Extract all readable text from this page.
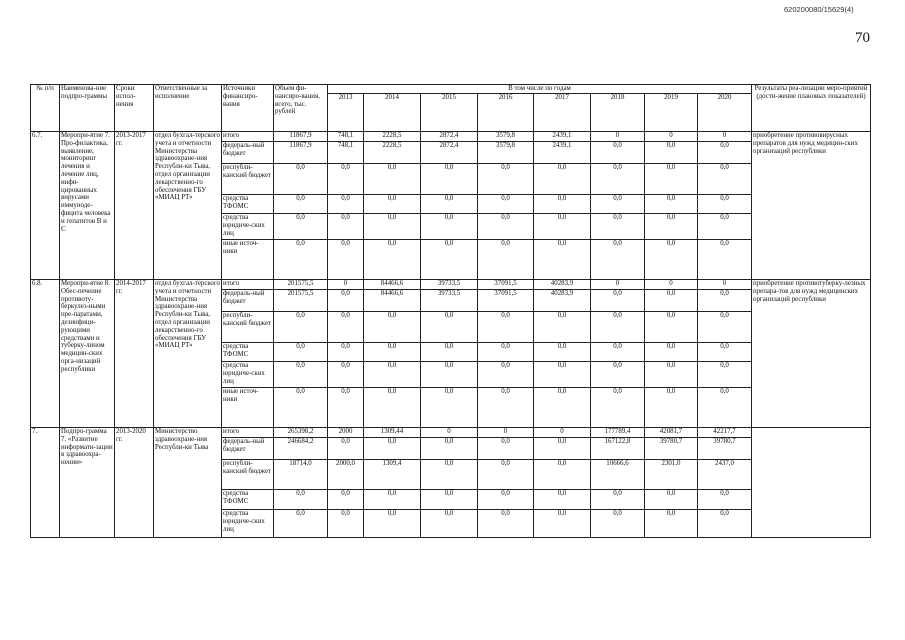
620200080/15629(4)
70
№ п/п	Наименова-ние подпро-граммы	Сроки испол-нения	Ответственные за исполнение	Источники финансиро-вания	Объем фи-нансиро-вания, всего, тыс. рублей	В том числе по годам								Результаты реа-лизации меро-приятий (дости-жение плановых показателей)
						2013	2014	2015	2016	2017	2018	2019	2020	
6.7.	Меропри-ятие 7. Про-филактика, выявление, мониторинг лечения и лечение лиц, инфи-цированных вирусами иммуноде-фицита человека и гепатитов В и С	2013-2017 гг.	отдел бухгал-терского учета и отчетности Министерства здравоохране-ния Республи-ки Тыва, отдел организации лекарственно-го обеспечения ГБУ «МИАЦ РТ»	итого	11867,9	748,1	2228,5	2872,4	3579,8	2439,1	0	0	0	приобретение противовирусных препаратов для нужд медицин-ских организаций республики
				федераль-ный бюджет	11867,9	748,1	2228,5	2872,4	3579,8	2439,1	0,0	0,0	0,0	
				республи-канский бюджет	0,0	0,0	0,0	0,0	0,0	0,0	0,0	0,0	0,0	
				средства ТФОМС	0,0	0,0	0,0	0,0	0,0	0,0	0,0	0,0	0,0	
				средства юридиче-ских лиц	0,0	0,0	0,0	0,0	0,0	0,0	0,0	0,0	0,0	
				иные источ-ники	0,0	0,0	0,0	0,0	0,0	0,0	0,0	0,0	0,0	
6.8.	Меропри-ятие 8. Обес-печение противоту-беркулез-ными пре-паратами, дезинфици-рующими средствами и туберку-лином медицин-ских орга-низаций республики	2014-2017 гг.	отдел бухгал-терского учета и отчетности Министерства здравоохране-ния Республи-ки Тыва, отдел организации лекарственно-го обеспечения ГБУ «МИАЦ РТ»	итого	201575,5	0	84466,6	39733,5	37091,5	40283,9	0	0	0	приобретение противотуберку-лезных препара-тов для нужд медицинских организаций республики
				федераль-ный бюджет	201575,5	0,0	84466,6	39733,5	37091,5	40283,9	0,0	0,0	0,0	
				республи-канский бюджет	0,0	0,0	0,0	0,0	0,0	0,0	0,0	0,0	0,0	
				средства ТФОМС	0,0	0,0	0,0	0,0	0,0	0,0	0,0	0,0	0,0	
				средства юридиче-ских лиц	0,0	0,0	0,0	0,0	0,0	0,0	0,0	0,0	0,0	
				иные источ-ники	0,0	0,0	0,0	0,0	0,0	0,0	0,0	0,0	0,0	
7.	Подпро-грамма 7. «Развитие информати-зации в здравоохра-нении»	2013-2020 гг.	Министерство здравоохране-ния Республи-ки Тыва	итого	265398,2	2000	1309,44	0	0	0	177789,4	42081,7	42217,7	
				федераль-ный бюджет	246684,2	0,0	0,0	0,0	0,0	0,0	167122,8	39780,7	39780,7	
				республи-канский бюджет	18714,0	2000,0	1309,4	0,0	0,0	0,0	10666,6	2301,0	2437,0	
				средства ТФОМС	0,0	0,0	0,0	0,0	0,0	0,0	0,0	0,0	0,0	
				средства юридиче-ских лиц	0,0	0,0	0,0	0,0	0,0	0,0	0,0	0,0	0,0	
